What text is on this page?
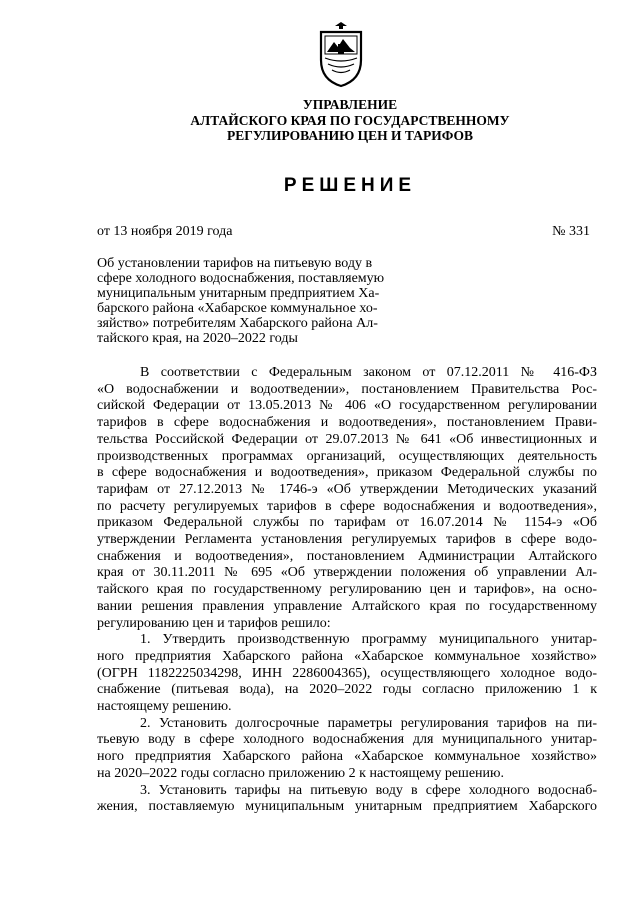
УПРАВЛЕНИЕ
АЛТАЙСКОГО КРАЯ ПО ГОСУДАРСТВЕННОМУ
РЕГУЛИРОВАНИЮ ЦЕН И ТАРИФОВ
РЕШЕНИЕ
от 13 ноября 2019 года	№ 331
Об установлении тарифов на питьевую воду в
сфере холодного водоснабжения, поставляемую
муниципальным унитарным предприятием Ха-
барского района «Хабарское коммунальное хо-
зяйство» потребителям Хабарского района Ал-
тайского края, на 2020–2022 годы
В соответствии с Федеральным законом от 07.12.2011 № 416-ФЗ
«О водоснабжении и водоотведении», постановлением Правительства Рос-
сийской Федерации от 13.05.2013 № 406 «О государственном регулировании
тарифов в сфере водоснабжения и водоотведения», постановлением Прави-
тельства Российской Федерации от 29.07.2013 № 641 «Об инвестиционных и
производственных программах организаций, осуществляющих деятельность
в сфере водоснабжения и водоотведения», приказом Федеральной службы по
тарифам от 27.12.2013 № 1746-э «Об утверждении Методических указаний
по расчету регулируемых тарифов в сфере водоснабжения и водоотведения»,
приказом Федеральной службы по тарифам от 16.07.2014 № 1154-э «Об
утверждении Регламента установления регулируемых тарифов в сфере водо-
снабжения и водоотведения», постановлением Администрации Алтайского
края от 30.11.2011 № 695 «Об утверждении положения об управлении Ал-
тайского края по государственному регулированию цен и тарифов», на осно-
вании решения правления управление Алтайского края по государственному
регулированию цен и тарифов решило:
1. Утвердить производственную программу муниципального унитар-
ного предприятия Хабарского района «Хабарское коммунальное хозяйство»
(ОГРН 1182225034298, ИНН 2286004365), осуществляющего холодное водо-
снабжение (питьевая вода), на 2020–2022 годы согласно приложению 1 к
настоящему решению.
2. Установить долгосрочные параметры регулирования тарифов на пи-
тьевую воду в сфере холодного водоснабжения для муниципального унитар-
ного предприятия Хабарского района «Хабарское коммунальное хозяйство»
на 2020–2022 годы согласно приложению 2 к настоящему решению.
3. Установить тарифы на питьевую воду в сфере холодного водоснаб-
жения, поставляемую муниципальным унитарным предприятием Хабарского
